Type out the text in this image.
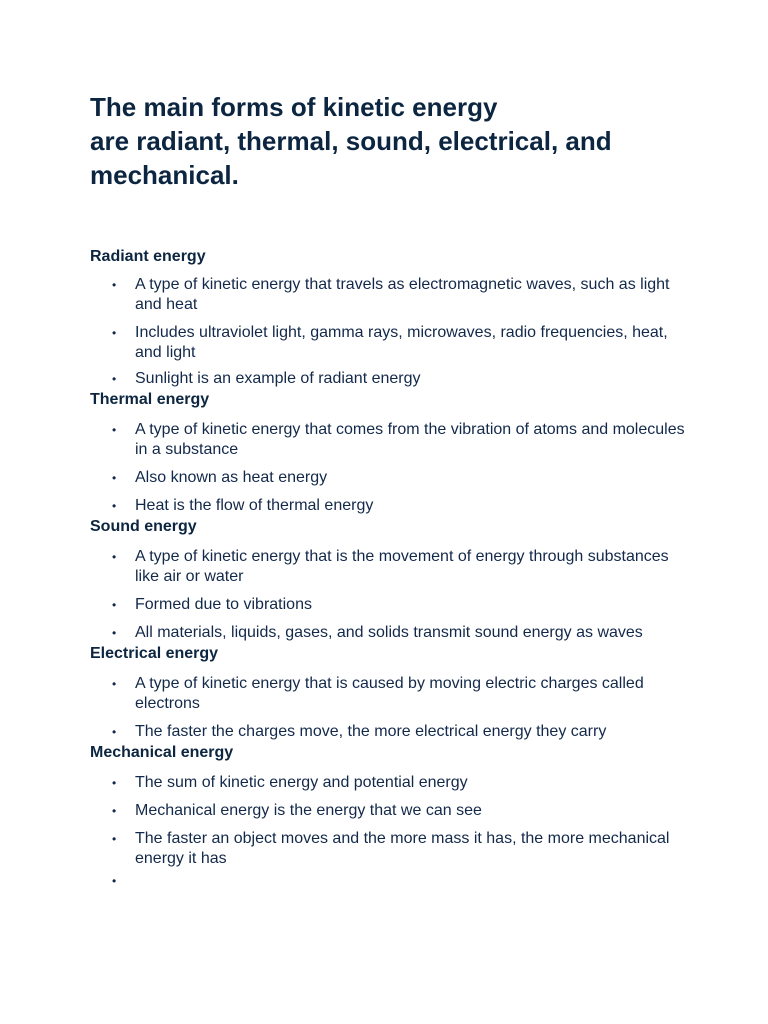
The main forms of kinetic energy
are radiant, thermal, sound, electrical, and
mechanical.

Radiant energy

• A type of kinetic energy that travels as electromagnetic waves, such as light and heat
• Includes ultraviolet light, gamma rays, microwaves, radio frequencies, heat, and light
• Sunlight is an example of radiant energy

Thermal energy

• A type of kinetic energy that comes from the vibration of atoms and molecules in a substance
• Also known as heat energy
• Heat is the flow of thermal energy

Sound energy

• A type of kinetic energy that is the movement of energy through substances like air or water
• Formed due to vibrations
• All materials, liquids, gases, and solids transmit sound energy as waves

Electrical energy

• A type of kinetic energy that is caused by moving electric charges called electrons
• The faster the charges move, the more electrical energy they carry

Mechanical energy

• The sum of kinetic energy and potential energy
• Mechanical energy is the energy that we can see
• The faster an object moves and the more mass it has, the more mechanical energy it has
•
